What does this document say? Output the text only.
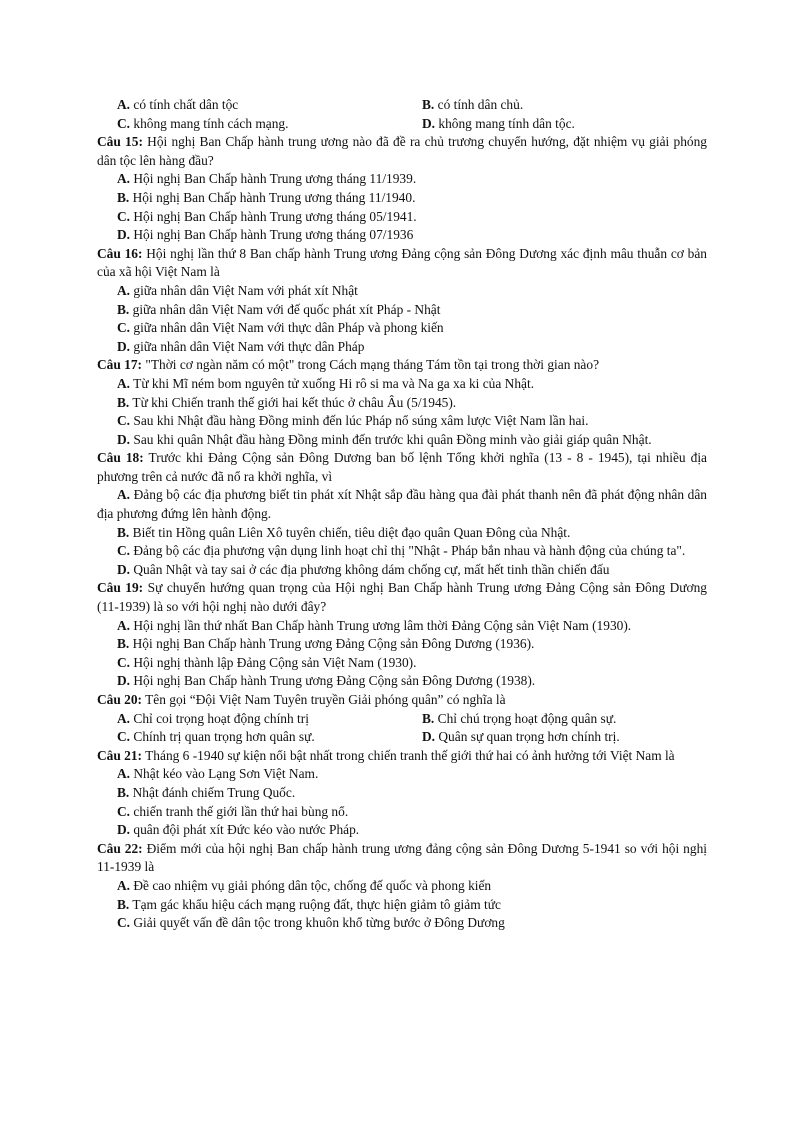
A. có tính chất dân tộc	B. có tính dân chủ.
C. không mang tính cách mạng.	D. không mang tính dân tộc.
Câu 15: Hội nghị Ban Chấp hành trung ương nào đã đề ra chủ trương chuyển hướng, đặt nhiệm vụ giải phóng dân tộc lên hàng đầu?
A. Hội nghị Ban Chấp hành Trung ương tháng 11/1939.
B. Hội nghị Ban Chấp hành Trung ương tháng 11/1940.
C. Hội nghị Ban Chấp hành Trung ương tháng 05/1941.
D. Hội nghị Ban Chấp hành Trung ương tháng 07/1936
Câu 16: Hội nghị lần thứ 8 Ban chấp hành Trung ương Đảng cộng sản Đông Dương xác định mâu thuẫn cơ bản của xã hội Việt Nam là
A. giữa nhân dân Việt Nam với phát xít Nhật
B. giữa nhân dân Việt Nam với đế quốc phát xít Pháp - Nhật
C. giữa nhân dân Việt Nam với thực dân Pháp và phong kiến
D. giữa nhân dân Việt Nam với thực dân Pháp
Câu 17: "Thời cơ ngàn năm có một" trong Cách mạng tháng Tám tồn tại trong thời gian nào?
A. Từ khi Mĩ ném bom nguyên tử xuống Hi rô si ma và Na ga xa ki của Nhật.
B. Từ khi Chiến tranh thế giới hai kết thúc ở châu Âu (5/1945).
C. Sau khi Nhật đầu hàng Đồng minh đến lúc Pháp nổ súng xâm lược Việt Nam lần hai.
D. Sau khi quân Nhật đầu hàng Đồng minh đến trước khi quân Đồng minh vào giải giáp quân Nhật.
Câu 18: Trước khi Đảng Cộng sản Đông Dương ban bố lệnh Tổng khởi nghĩa (13 - 8 - 1945), tại nhiều địa phương trên cả nước đã nổ ra khởi nghĩa, vì
A. Đảng bộ các địa phương biết tin phát xít Nhật sắp đầu hàng qua đài phát thanh nên đã phát động nhân dân địa phương đứng lên hành động.
B. Biết tin Hồng quân Liên Xô tuyên chiến, tiêu diệt đạo quân Quan Đông của Nhật.
C. Đảng bộ các địa phương vận dụng linh hoạt chỉ thị "Nhật - Pháp bắn nhau và hành động của chúng ta".
D. Quân Nhật và tay sai ở các địa phương không dám chống cự, mất hết tinh thần chiến đấu
Câu 19: Sự chuyển hướng quan trọng của Hội nghị Ban Chấp hành Trung ương Đảng Cộng sản Đông Dương (11-1939) là so với hội nghị nào dưới đây?
A. Hội nghị lần thứ nhất Ban Chấp hành Trung ương lâm thời Đảng Cộng sản Việt Nam (1930).
B. Hội nghị Ban Chấp hành Trung ương Đảng Cộng sản Đông Dương (1936).
C. Hội nghị thành lập Đảng Cộng sản Việt Nam (1930).
D. Hội nghị Ban Chấp hành Trung ương Đảng Cộng sản Đông Dương (1938).
Câu 20: Tên gọi “Đội Việt Nam Tuyên truyền Giải phóng quân” có nghĩa là
A. Chỉ coi trọng hoạt động chính trị	B. Chỉ chú trọng hoạt động quân sự.
C. Chính trị quan trọng hơn quân sự.	D. Quân sự quan trọng hơn chính trị.
Câu 21: Tháng 6 -1940 sự kiện nổi bật nhất trong chiến tranh thế giới thứ hai có ảnh hưởng tới Việt Nam là
A. Nhật kéo vào Lạng Sơn Việt Nam.
B. Nhật đánh chiếm Trung Quốc.
C. chiến tranh thế giới lần thứ hai bùng nổ.
D. quân đội phát xít Đức kéo vào nước Pháp.
Câu 22: Điểm mới của hội nghị Ban chấp hành trung ương đảng cộng sản Đông Dương 5-1941 so với hội nghị 11-1939 là
A. Đề cao nhiệm vụ giải phóng dân tộc, chống đế quốc và phong kiến
B. Tạm gác khẩu hiệu cách mạng ruộng đất, thực hiện giảm tô giảm tức
C. Giải quyết vấn đề dân tộc trong khuôn khổ từng bước ở Đông Dương
